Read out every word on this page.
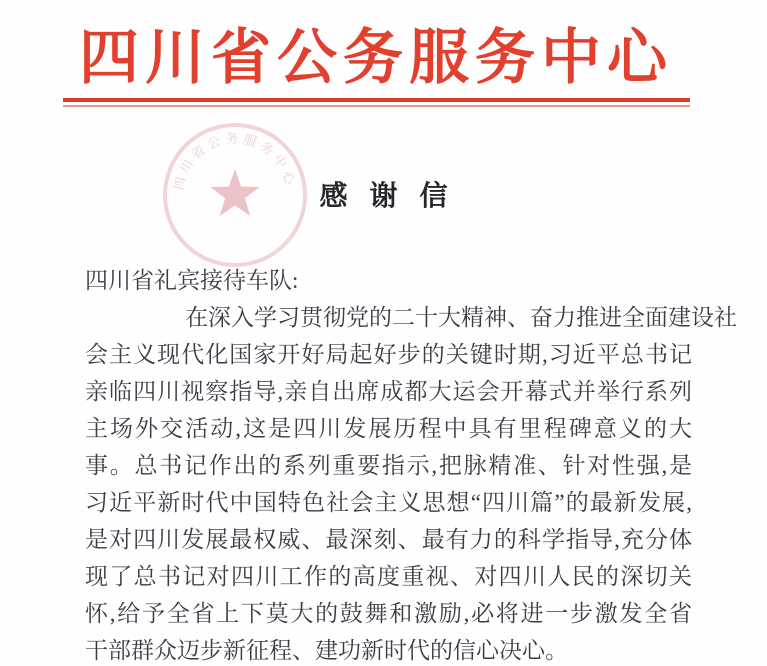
四川省公务服务中心
四川省公务服务中心
感谢信
四川省礼宾接待车队:
在深入学习贯彻党的二十大精神、奋力推进全面建设社
会主义现代化国家开好局起好步的关键时期,习近平总书记
亲临四川视察指导,亲自出席成都大运会开幕式并举行系列
主场外交活动,这是四川发展历程中具有里程碑意义的大
事。总书记作出的系列重要指示,把脉精准、针对性强,是
习近平新时代中国特色社会主义思想“四川篇”的最新发展,
是对四川发展最权威、最深刻、最有力的科学指导,充分体
现了总书记对四川工作的高度重视、对四川人民的深切关
怀,给予全省上下莫大的鼓舞和激励,必将进一步激发全省
干部群众迈步新征程、建功新时代的信心决心。
